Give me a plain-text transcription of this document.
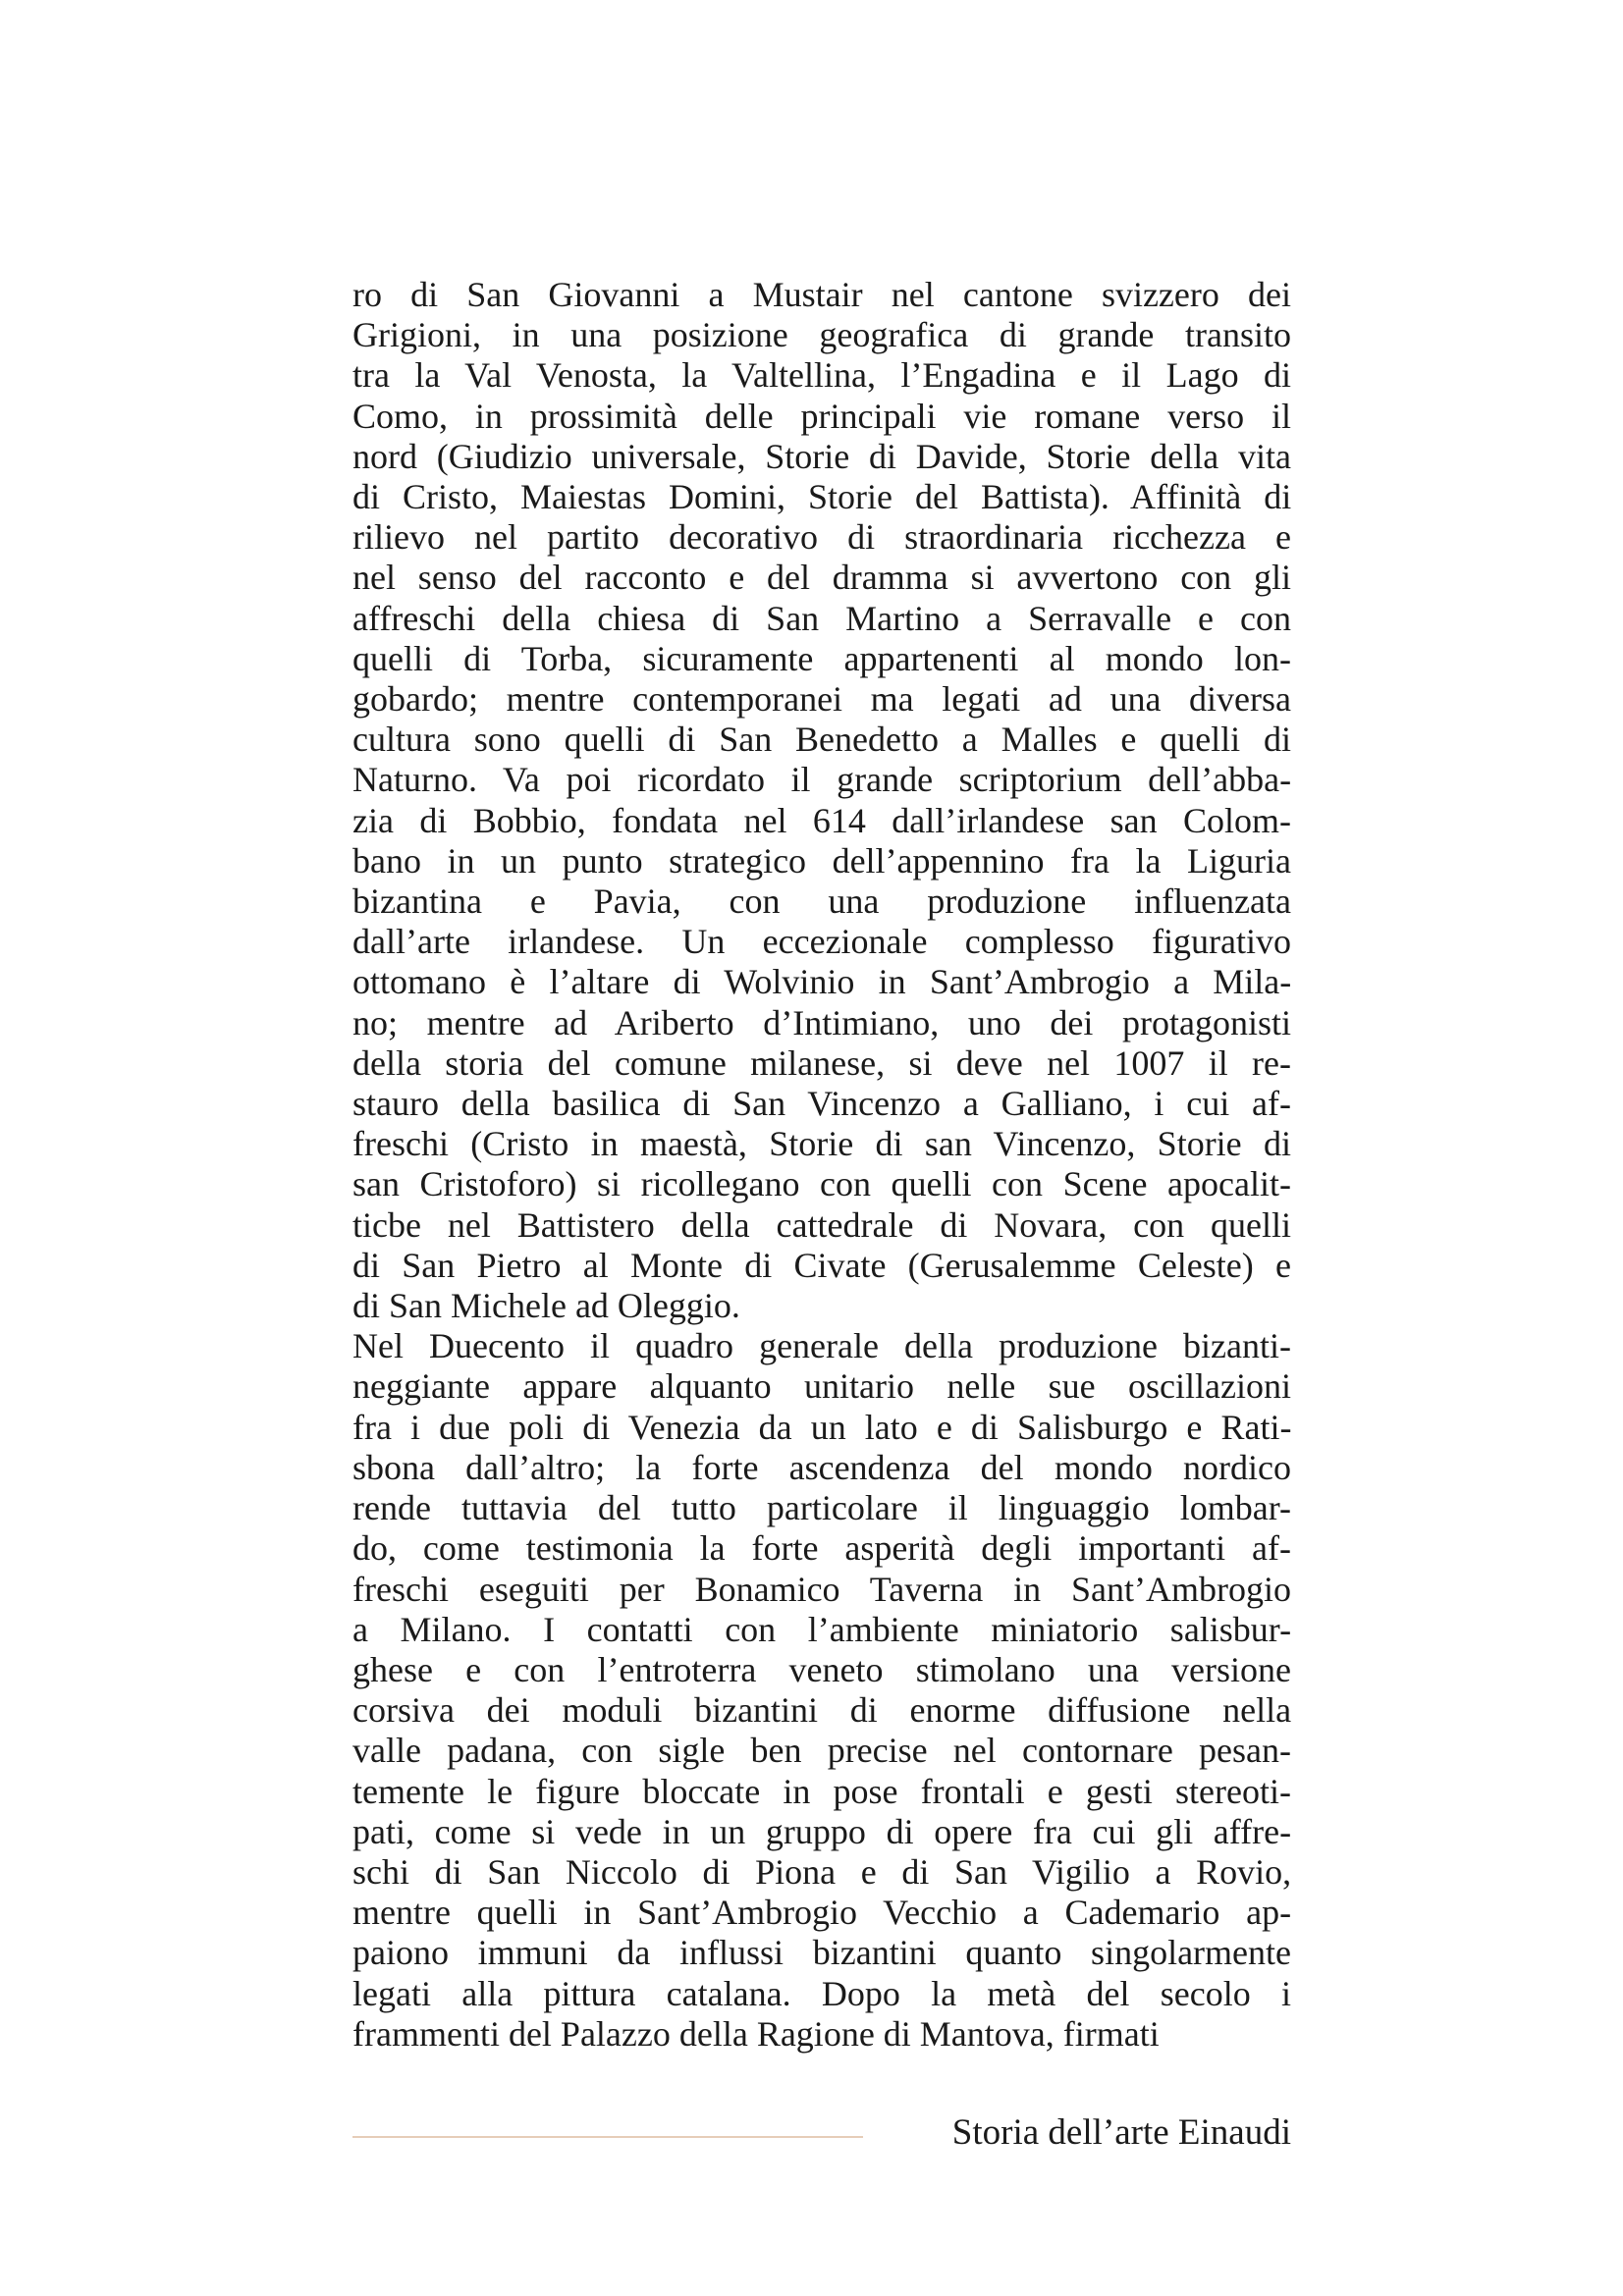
ro di San Giovanni a Mustair nel cantone svizzero dei
Grigioni, in una posizione geografica di grande transito
tra la Val Venosta, la Valtellina, l’Engadina e il Lago di
Como, in prossimità delle principali vie romane verso il
nord (Giudizio universale, Storie di Davide, Storie della vita
di Cristo, Maiestas Domini, Storie del Battista). Affinità di
rilievo nel partito decorativo di straordinaria ricchezza e
nel senso del racconto e del dramma si avvertono con gli
affreschi della chiesa di San Martino a Serravalle e con
quelli di Torba, sicuramente appartenenti al mondo lon-
gobardo; mentre contemporanei ma legati ad una diversa
cultura sono quelli di San Benedetto a Malles e quelli di
Naturno. Va poi ricordato il grande scriptorium dell’abba-
zia di Bobbio, fondata nel 614 dall’irlandese san Colom-
bano in un punto strategico dell’appennino fra la Liguria
bizantina e Pavia, con una produzione influenzata
dall’arte irlandese. Un eccezionale complesso figurativo
ottomano è l’altare di Wolvinio in Sant’Ambrogio a Mila-
no; mentre ad Ariberto d’Intimiano, uno dei protagonisti
della storia del comune milanese, si deve nel 1007 il re-
stauro della basilica di San Vincenzo a Galliano, i cui af-
freschi (Cristo in maestà, Storie di san Vincenzo, Storie di
san Cristoforo) si ricollegano con quelli con Scene apocalit-
ticbe nel Battistero della cattedrale di Novara, con quelli
di San Pietro al Monte di Civate (Gerusalemme Celeste) e
di San Michele ad Oleggio.
Nel Duecento il quadro generale della produzione bizanti-
neggiante appare alquanto unitario nelle sue oscillazioni
fra i due poli di Venezia da un lato e di Salisburgo e Rati-
sbona dall’altro; la forte ascendenza del mondo nordico
rende tuttavia del tutto particolare il linguaggio lombar-
do, come testimonia la forte asperità degli importanti af-
freschi eseguiti per Bonamico Taverna in Sant’Ambrogio
a Milano. I contatti con l’ambiente miniatorio salisbur-
ghese e con l’entroterra veneto stimolano una versione
corsiva dei moduli bizantini di enorme diffusione nella
valle padana, con sigle ben precise nel contornare pesan-
temente le figure bloccate in pose frontali e gesti stereoti-
pati, come si vede in un gruppo di opere fra cui gli affre-
schi di San Niccolo di Piona e di San Vigilio a Rovio,
mentre quelli in Sant’Ambrogio Vecchio a Cademario ap-
paiono immuni da influssi bizantini quanto singolarmente
legati alla pittura catalana. Dopo la metà del secolo i
frammenti del Palazzo della Ragione di Mantova, firmati
Storia dell’arte Einaudi
